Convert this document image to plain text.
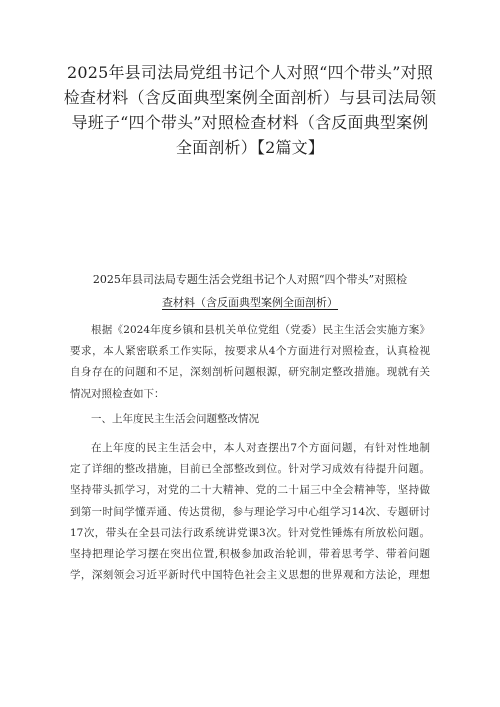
2025年县司法局党组书记个人对照“四个带头”对照
检查材料（含反面典型案例全面剖析）与县司法局领
导班子“四个带头”对照检查材料（含反面典型案例
全面剖析）【2篇文】
2025年县司法局专题生活会党组书记个人对照“四个带头”对照检
查材料（含反面典型案例全面剖析）
根据《2024年度乡镇和县机关单位党组（党委）民主生活会实施方案》
要求，本人紧密联系工作实际，按要求从4个方面进行对照检查，认真检视
自身存在的问题和不足，深刻剖析问题根源，研究制定整改措施。现就有关
情况对照检查如下：
一、上年度民主生活会问题整改情况
在上年度的民主生活会中，本人对查摆出7个方面问题，有针对性地制
定了详细的整改措施，目前已全部整改到位。针对学习成效有待提升问题。
坚持带头抓学习，对党的二十大精神、党的二十届三中全会精神等，坚持做
到第一时间学懂弄通、传达贯彻，参与理论学习中心组学习14次、专题研讨
17次，带头在全县司法行政系统讲党课3次。针对党性锤炼有所放松问题。
坚持把理论学习摆在突出位置,积极参加政治轮训，带着思考学、带着问题
学，深刻领会习近平新时代中国特色社会主义思想的世界观和方法论，理想
